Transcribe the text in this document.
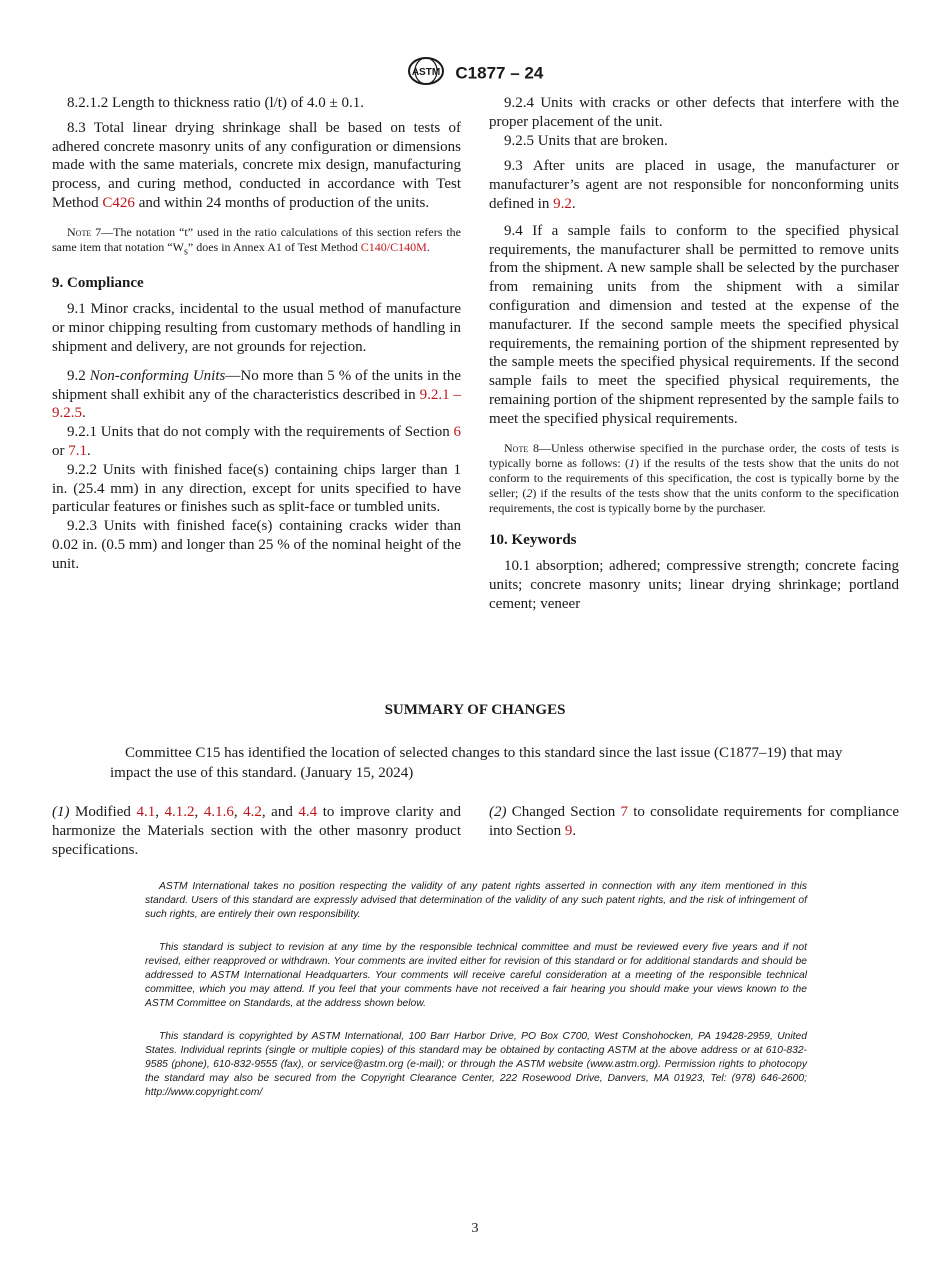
ASTM C1877 – 24

8.2.1.2 Length to thickness ratio (l/t) of 4.0 ± 0.1.

8.3 Total linear drying shrinkage shall be based on tests of adhered concrete masonry units of any configuration or dimensions made with the same materials, concrete mix design, manufacturing process, and curing method, conducted in accordance with Test Method C426 and within 24 months of production of the units.

Note 7—The notation “t” used in the ratio calculations of this section refers the same item that notation “$W_s$” does in Annex A1 of Test Method C140/C140M.
9. Compliance

9.1 Minor cracks, incidental to the usual method of manufacture or minor chipping resulting from customary methods of handling in shipment and delivery, are not grounds for rejection.

9.2 Non-conforming Units—No more than 5 % of the units in the shipment shall exhibit any of the characteristics described in 9.2.1 – 9.2.5.

9.2.1 Units that do not comply with the requirements of Section 6 or 7.1.

9.2.2 Units with finished face(s) containing chips larger than 1 in. (25.4 mm) in any direction, except for units specified to have particular features or finishes such as split-face or tumbled units.

9.2.3 Units with finished face(s) containing cracks wider than 0.02 in. (0.5 mm) and longer than 25 % of the nominal height of the unit.

9.2.4 Units with cracks or other defects that interfere with the proper placement of the unit.

9.2.5 Units that are broken.

9.3 After units are placed in usage, the manufacturer or manufacturer’s agent are not responsible for nonconforming units defined in 9.2.

9.4 If a sample fails to conform to the specified physical requirements, the manufacturer shall be permitted to remove units from the shipment. A new sample shall be selected by the purchaser from remaining units from the shipment with a similar configuration and dimension and tested at the expense of the manufacturer. If the second sample meets the specified physical requirements, the remaining portion of the shipment represented by the sample meets the specified physical requirements. If the second sample fails to meet the specified physical requirements, the remaining portion of the shipment represented by the sample fails to meet the specified physical requirements.

Note 8—Unless otherwise specified in the purchase order, the costs of tests is typically borne as follows: (1) if the results of the tests show that the units do not conform to the requirements of this specification, the cost is typically borne by the seller; (2) if the results of the tests show that the units conform to the specification requirements, the cost is typically borne by the purchaser.
10. Keywords

10.1 absorption; adhered; compressive strength; concrete facing units; concrete masonry units; linear drying shrinkage; portland cement; veneer

SUMMARY OF CHANGES
Committee C15 has identified the location of selected changes to this standard since the last issue (C1877–19) that may impact the use of this standard. (January 15, 2024)
(1) Modified 4.1, 4.1.2, 4.1.6, 4.2, and 4.4 to improve clarity and harmonize the Materials section with the other masonry product specifications.
(2) Changed Section 7 to consolidate requirements for compliance into Section 9.

ASTM International takes no position respecting the validity of any patent rights asserted in connection with any item mentioned in this standard. Users of this standard are expressly advised that determination of the validity of any such patent rights, and the risk of infringement of such rights, are entirely their own responsibility.

This standard is subject to revision at any time by the responsible technical committee and must be reviewed every five years and if not revised, either reapproved or withdrawn. Your comments are invited either for revision of this standard or for additional standards and should be addressed to ASTM International Headquarters. Your comments will receive careful consideration at a meeting of the responsible technical committee, which you may attend. If you feel that your comments have not received a fair hearing you should make your views known to the ASTM Committee on Standards, at the address shown below.

This standard is copyrighted by ASTM International, 100 Barr Harbor Drive, PO Box C700, West Conshohocken, PA 19428-2959, United States. Individual reprints (single or multiple copies) of this standard may be obtained by contacting ASTM at the above address or at 610-832-9585 (phone), 610-832-9555 (fax), or service@astm.org (e-mail); or through the ASTM website (www.astm.org). Permission rights to photocopy the standard may also be secured from the Copyright Clearance Center, 222 Rosewood Drive, Danvers, MA 01923, Tel: (978) 646-2600; http://www.copyright.com/

3
